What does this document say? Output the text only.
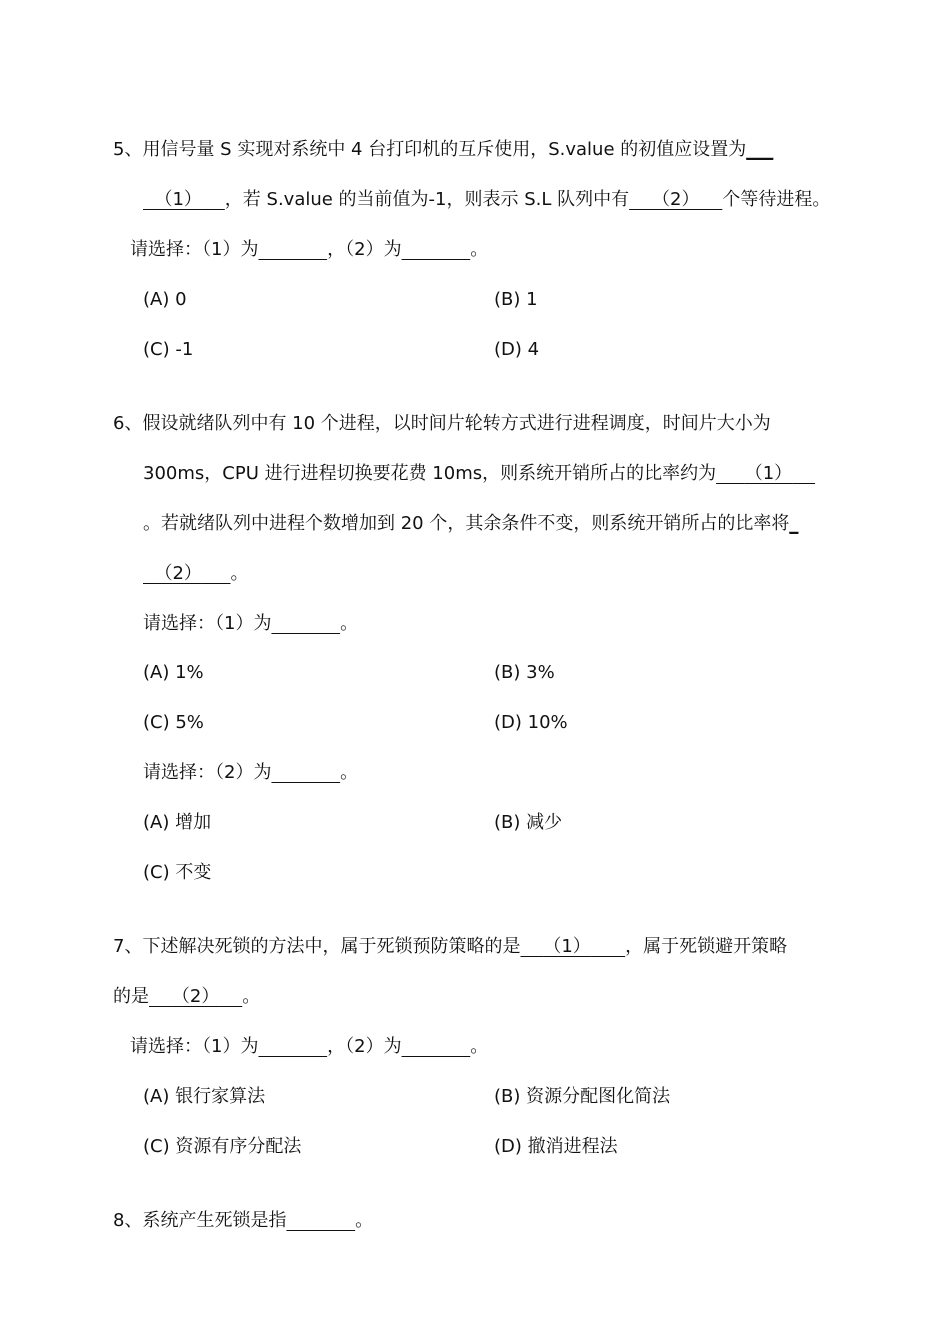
5、用信号量 S 实现对系统中 4 台打印机的互斥使用，S.value 的初值应设置为___
（1） ，若 S.value 的当前值为-1，则表示 S.L 队列中有 （2） 个等待进程。
请选择：（1）为	，（2）为	。
(A) 0	(B) 1
(C) -1	(D) 4
6、假设就绪队列中有 10 个进程，以时间片轮转方式进行进程调度，时间片大小为
300ms，CPU 进行进程切换要花费 10ms，则系统开销所占的比率约为 （1）
。若就绪队列中进程个数增加到 20 个，其余条件不变，则系统开销所占的比率将_
（2） 。
请选择：（1）为	。
(A) 1%	(B) 3%
(C) 5%	(D) 10%
请选择：（2）为	。
(A) 增加	(B) 减少
(C) 不变
7、下述解决死锁的方法中，属于死锁预防策略的是 （1） ，属于死锁避开策略
的是 （2） 。
请选择：（1）为	，（2）为	。
(A) 银行家算法	(B) 资源分配图化简法
(C) 资源有序分配法	(D) 撤消进程法
8、系统产生死锁是指	。
